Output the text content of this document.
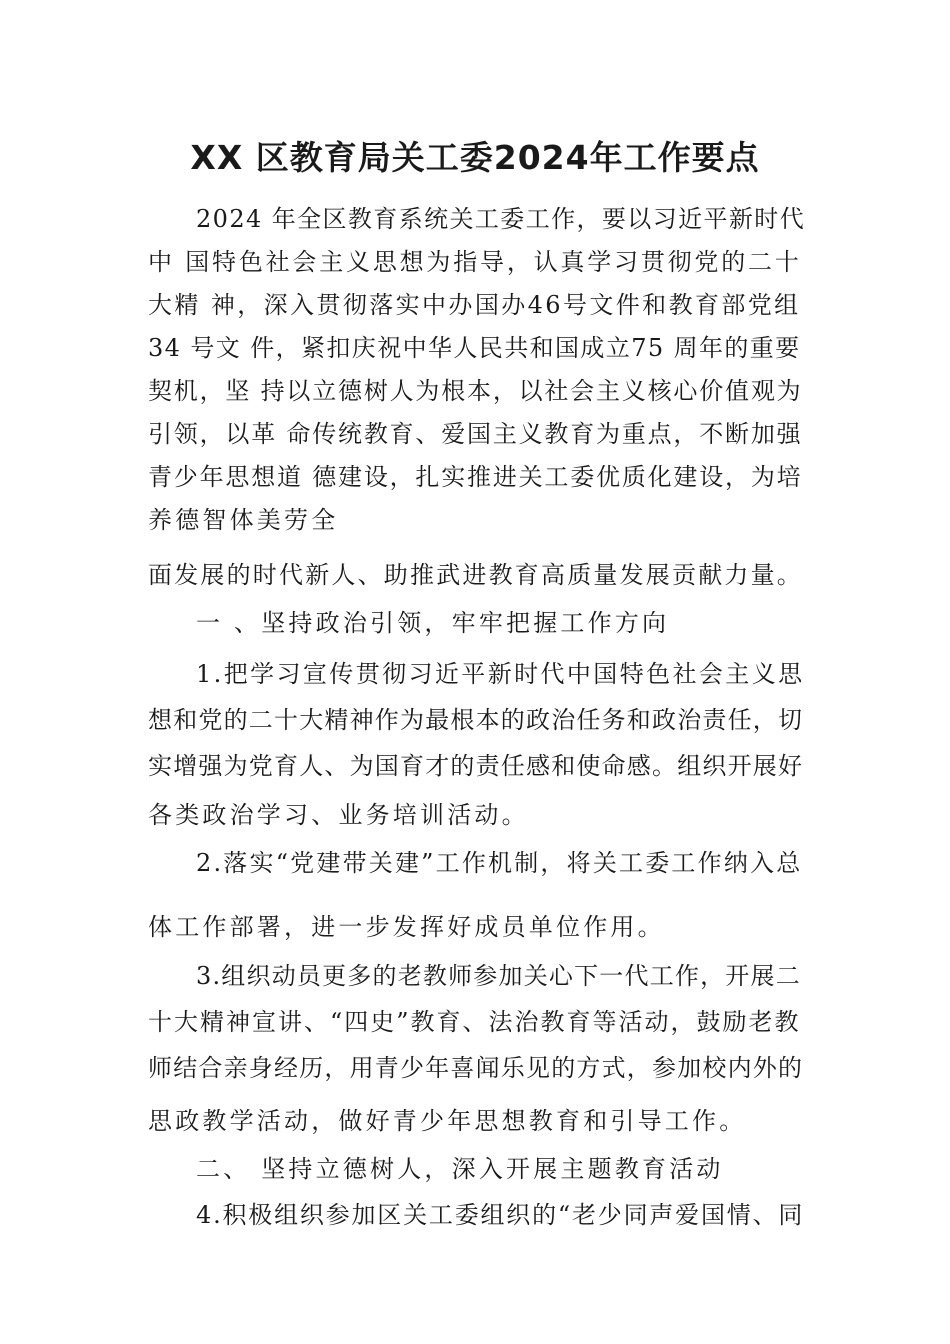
XX 区教育局关工委2024年工作要点
2024 年全区教育系统关工委工作，要以习近平新时代
中 国特色社会主义思想为指导，认真学习贯彻党的二十
大精 神，深入贯彻落实中办国办46号文件和教育部党组
34 号文 件，紧扣庆祝中华人民共和国成立75 周年的重要
契机，坚 持以立德树人为根本，以社会主义核心价值观为
引领，以革 命传统教育、爱国主义教育为重点，不断加强
青少年思想道 德建设，扎实推进关工委优质化建设，为培
养德智体美劳全
面发展的时代新人、助推武进教育高质量发展贡献力量。
一 、坚持政治引领，牢牢把握工作方向
1.把学习宣传贯彻习近平新时代中国特色社会主义思
想和党的二十大精神作为最根本的政治任务和政治责任，切
实增强为党育人、为国育才的责任感和使命感。组织开展好
各类政治学习、业务培训活动。
2.落实“党建带关建”工作机制，将关工委工作纳入总
体工作部署，进一步发挥好成员单位作用。
3.组织动员更多的老教师参加关心下一代工作，开展二
十大精神宣讲、“四史”教育、法治教育等活动，鼓励老教
师结合亲身经历，用青少年喜闻乐见的方式，参加校内外的
思政教学活动，做好青少年思想教育和引导工作。
二、 坚持立德树人，深入开展主题教育活动
4.积极组织参加区关工委组织的“老少同声爱国情、同
